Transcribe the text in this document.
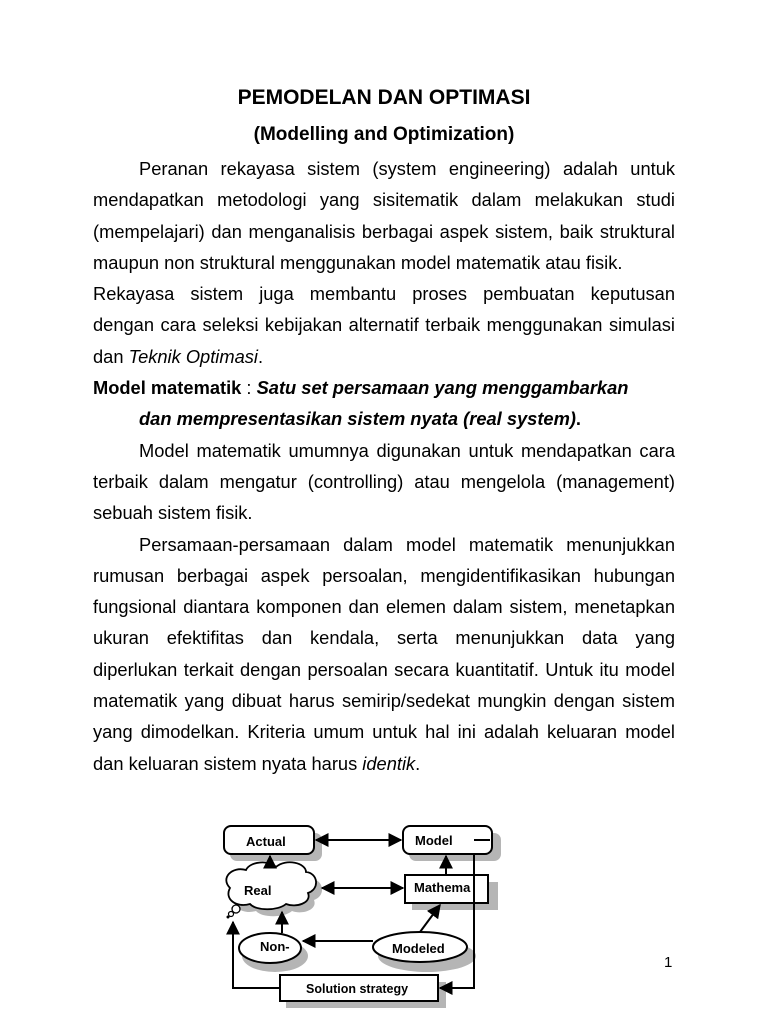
PEMODELAN DAN OPTIMASI
(Modelling and Optimization)

Peranan rekayasa sistem (system engineering) adalah untuk mendapatkan metodologi yang sisitematik dalam melakukan studi (mempelajari) dan menganalisis berbagai aspek sistem, baik struktural maupun non struktural menggunakan model matematik atau fisik.

Rekayasa sistem juga membantu proses pembuatan keputusan dengan cara seleksi kebijakan alternatif terbaik menggunakan simulasi dan Teknik Optimasi.

Model matematik : Satu set persamaan yang menggambarkan

dan mempresentasikan sistem nyata (real system).

Model matematik umumnya digunakan untuk mendapatkan cara terbaik dalam mengatur (controlling) atau mengelola (management) sebuah sistem fisik.

Persamaan-persamaan dalam model matematik menunjukkan rumusan berbagai aspek persoalan, mengidentifikasikan hubungan fungsional diantara komponen dan elemen dalam sistem, menetapkan ukuran efektifitas dan kendala, serta menunjukkan data yang diperlukan terkait dengan persoalan secara kuantitatif. Untuk itu model matematik yang dibuat harus semirip/sedekat mungkin dengan sistem yang dimodelkan. Kriteria umum untuk hal ini adalah keluaran model dan keluaran sistem nyata harus identik.

Actual	Model
Real	Mathema
Non-	Modeled
Solution strategy
1
